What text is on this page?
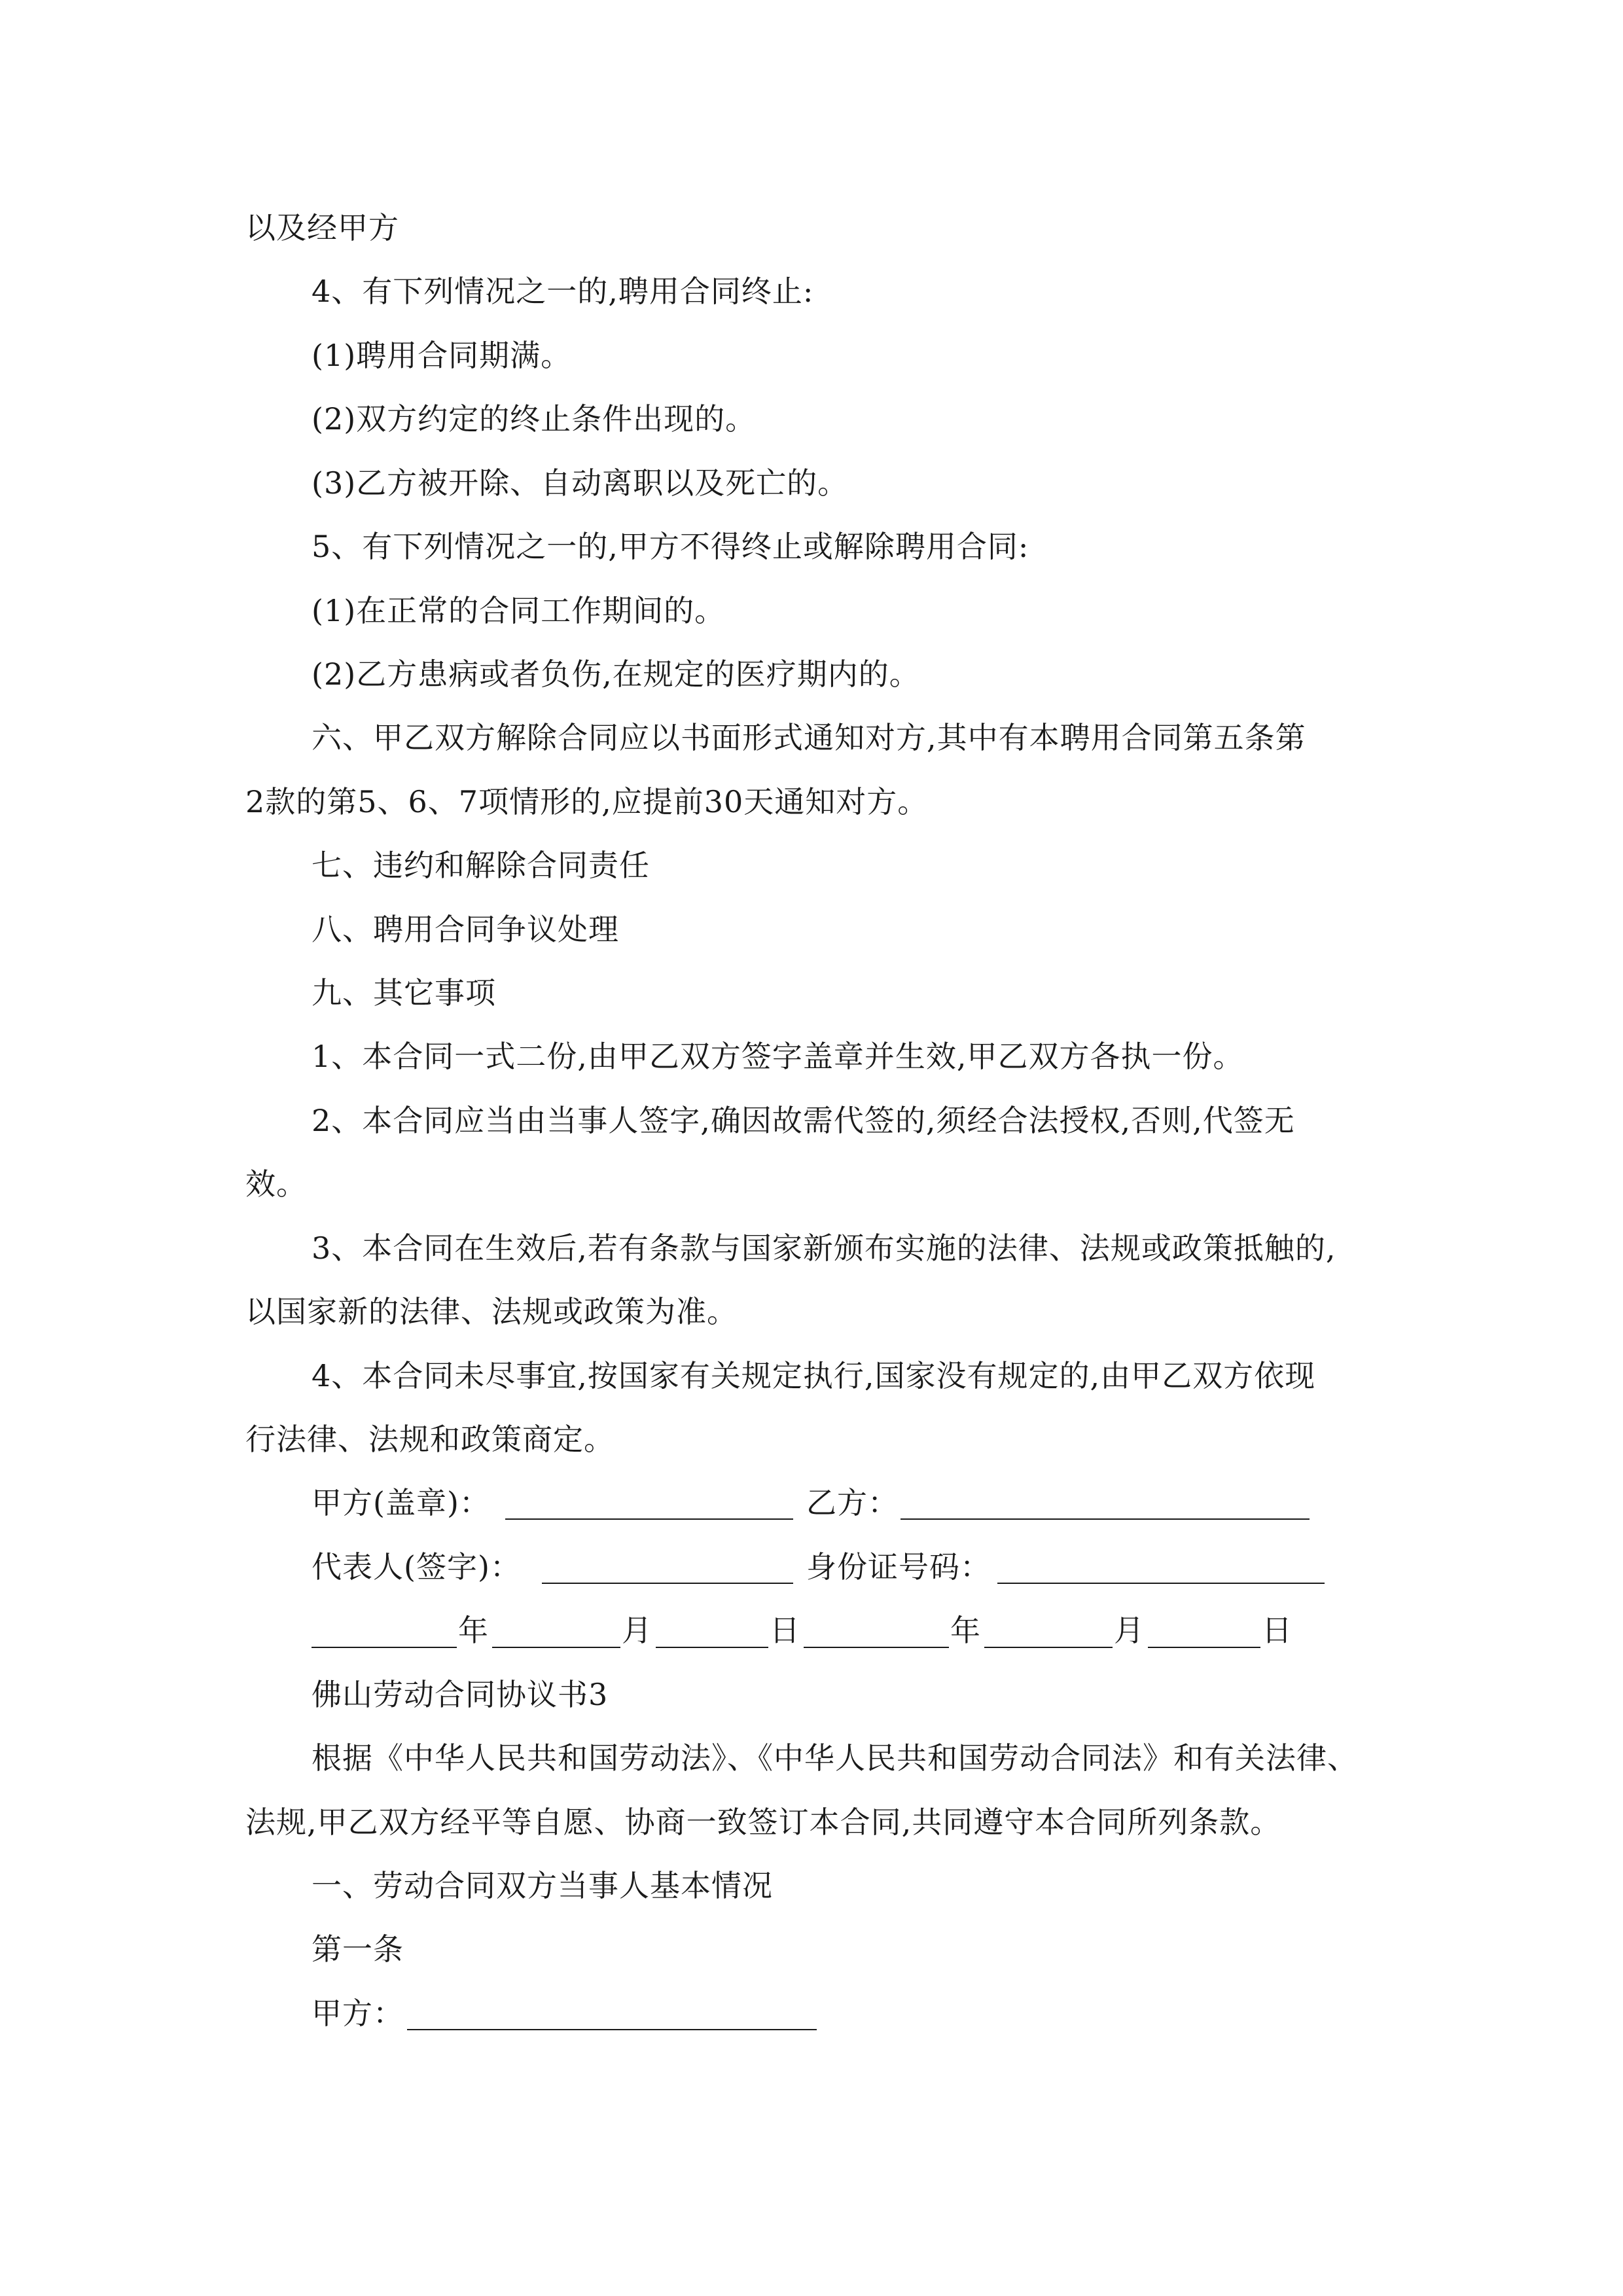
以及经甲方
4、有下列情况之一的,聘用合同终止:
(1)聘用合同期满。
(2)双方约定的终止条件出现的。
(3)乙方被开除、自动离职以及死亡的。
5、有下列情况之一的,甲方不得终止或解除聘用合同:
(1)在正常的合同工作期间的。
(2)乙方患病或者负伤,在规定的医疗期内的。
六、甲乙双方解除合同应以书面形式通知对方,其中有本聘用合同第五条第
2款的第5、6、7项情形的,应提前30天通知对方。
七、违约和解除合同责任
八、聘用合同争议处理
九、其它事项
1、本合同一式二份,由甲乙双方签字盖章并生效,甲乙双方各执一份。
2、本合同应当由当事人签字,确因故需代签的,须经合法授权,否则,代签无
效。
3、本合同在生效后,若有条款与国家新颁布实施的法律、法规或政策抵触的,
以国家新的法律、法规或政策为准。
4、本合同未尽事宜,按国家有关规定执行,国家没有规定的,由甲乙双方依现
行法律、法规和政策商定。
甲方(盖章)：	乙方：
代表人(签字)：	身份证号码：
年	月	日	年	月	日
佛山劳动合同协议书3
根据《中华人民共和国劳动法》、《中华人民共和国劳动合同法》和有关法律、
法规,甲乙双方经平等自愿、协商一致签订本合同,共同遵守本合同所列条款。
一、劳动合同双方当事人基本情况
第一条
甲方：
